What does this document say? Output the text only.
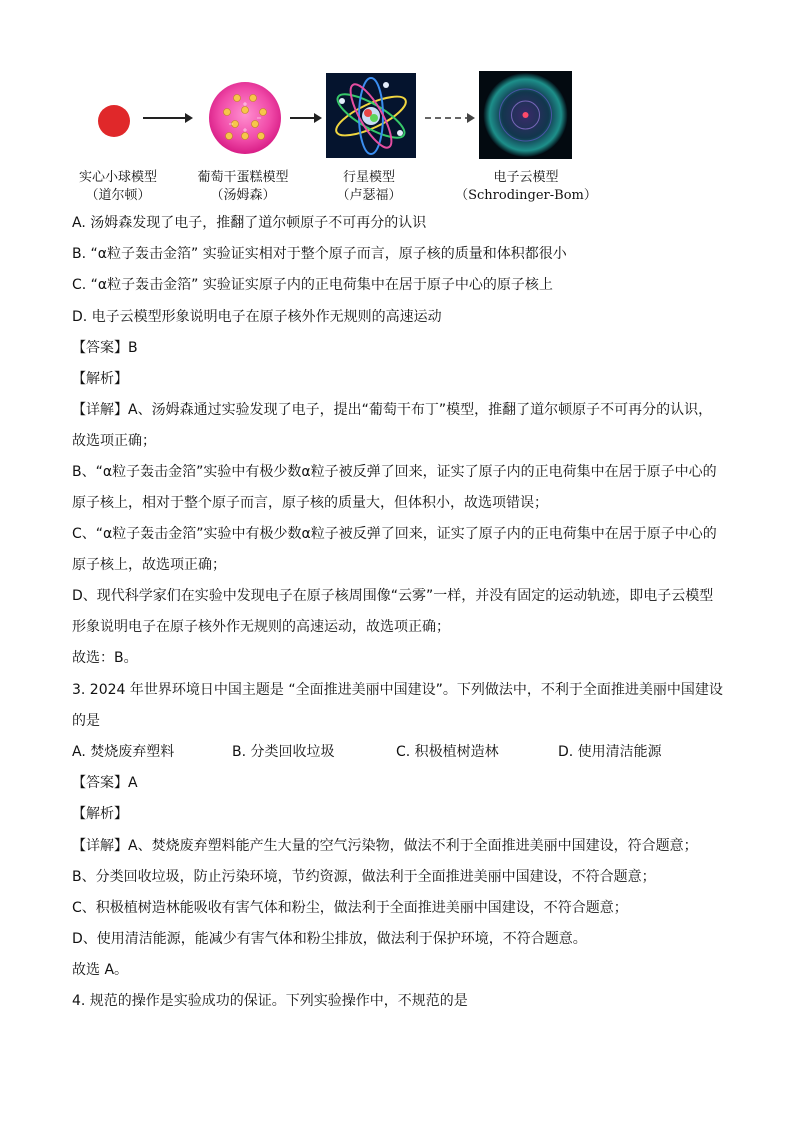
实心小球模型
（道尔顿）
葡萄干蛋糕模型
（汤姆森）
行星模型
（卢瑟福）
电子云模型
（Schrodinger-Bom）
A. 汤姆森发现了电子，推翻了道尔顿原子不可再分的认识
B. “α粒子轰击金箔” 实验证实相对于整个原子而言，原子核的质量和体积都很小
C. “α粒子轰击金箔” 实验证实原子内的正电荷集中在居于原子中心的原子核上
D. 电子云模型形象说明电子在原子核外作无规则的高速运动
【答案】B
【解析】
【详解】A、汤姆森通过实验发现了电子，提出“葡萄干布丁”模型，推翻了道尔顿原子不可再分的认识，
故选项正确；
B、“α粒子轰击金箔”实验中有极少数α粒子被反弹了回来，证实了原子内的正电荷集中在居于原子中心的
原子核上，相对于整个原子而言，原子核的质量大，但体积小，故选项错误；
C、“α粒子轰击金箔”实验中有极少数α粒子被反弹了回来，证实了原子内的正电荷集中在居于原子中心的
原子核上，故选项正确；
D、现代科学家们在实验中发现电子在原子核周围像“云雾”一样，并没有固定的运动轨迹，即电子云模型
形象说明电子在原子核外作无规则的高速运动，故选项正确；
故选：B。
3. 2024 年世界环境日中国主题是 “全面推进美丽中国建设”。下列做法中，不利于全面推进美丽中国建设
的是
A. 焚烧废弃塑料	B. 分类回收垃圾	C. 积极植树造林	D. 使用清洁能源
【答案】A
【解析】
【详解】A、焚烧废弃塑料能产生大量的空气污染物，做法不利于全面推进美丽中国建设，符合题意；
B、分类回收垃圾，防止污染环境，节约资源，做法利于全面推进美丽中国建设，不符合题意；
C、积极植树造林能吸收有害气体和粉尘，做法利于全面推进美丽中国建设，不符合题意；
D、使用清洁能源，能减少有害气体和粉尘排放，做法利于保护环境，不符合题意。
故选 A。
4. 规范的操作是实验成功的保证。下列实验操作中，不规范的是
